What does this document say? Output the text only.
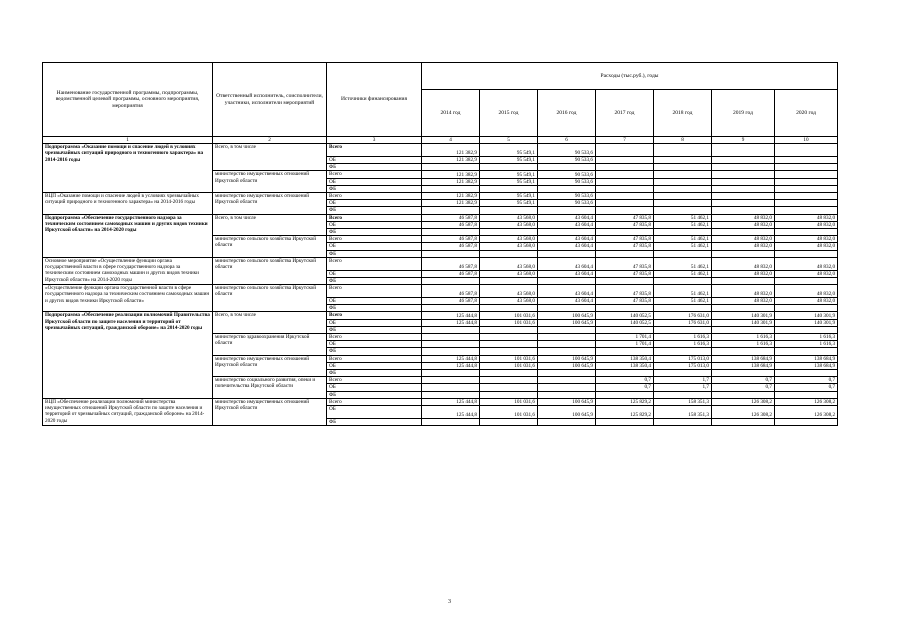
Наименование государственной программы, подпрограммы, ведомственной целевой программы, основного мероприятия, мероприятия	Ответственный исполнитель, соисполнители, участники, исполнители мероприятий	Источники финансирования	Расходы (тыс.руб.), годы						
			2014 год	2015 год	2016 год	2017 год	2018 год	2019 год	2020 год
1	2	3	4	5	6	7	8	9	10
Подпрограмма «Оказание помощи и спасение людей в условиях чрезвычайных ситуаций природного и техногенного характера» на 2014-2016 годы	Всего, в том числе	Всего	121 382,9	95 549,1	90 533,6				
		ОБ	121 382,9	95 549,1	90 533,6				
		ФБ							
	министерство имущественных отношений Иркутской области	Всего	121 382,9	95 549,1	90 533,6				
		ОБ	121 382,9	95 549,1	90 533,6				
		ФБ							
ВЦП «Оказание помощи и спасение людей в условиях чрезвычайных ситуаций природного и техногенного характера» на 2014-2016 годы	министерство имущественных отношений Иркутской области	Всего	121 382,9	95 549,1	90 533,6				
		ОБ	121 382,9	95 549,1	90 533,6				
		ФБ							
Подпрограмма «Обеспечение государственного надзора за техническим состоянием самоходных машин и других видов техники Иркутской области» на 2014-2020 годы	Всего, в том числе	Всего	46 587,8	43 568,0	43 604,4	47 835,8	51 462,1	48 832,0	48 832,0
		ОБ	46 587,8	43 568,0	43 604,4	47 835,8	51 462,1	48 832,0	48 832,0
		ФБ							
	министерство сельского хозяйства Иркутской области	Всего	46 587,8	43 568,0	43 604,4	47 835,8	51 462,1	48 832,0	48 832,0
		ОБ	46 587,8	43 568,0	43 604,4	47 835,8	51 462,1	48 832,0	48 832,0
		ФБ							
Основное мероприятие «Осуществление функции органа государственной власти в сфере государственного надзора за техническим состоянием самоходных машин и других видов техники Иркутской области» на 2014-2020 годы	министерство сельского хозяйства Иркутской области	Всего	46 587,8	43 568,0	43 604,4	47 835,8	51 462,1	48 832,0	48 832,0
		ОБ	46 587,8	43 568,0	43 604,4	47 835,8	51 462,1	48 832,0	48 832,0
		ФБ							
«Осуществление функции органа государственной власти в сфере государственного надзора за техническим состоянием самоходных машин и других видов техники Иркутской области»	министерство сельского хозяйства Иркутской области	Всего	46 587,8	43 568,0	43 604,4	47 835,8	51 462,1	48 832,0	48 832,0
		ОБ	46 587,8	43 568,0	43 604,4	47 835,8	51 462,1	48 832,0	48 832,0
		ФБ							
Подпрограмма «Обеспечение реализации полномочий Правительства Иркутской области по защите населения и территорий от чрезвычайных ситуаций, гражданской обороне» на 2014-2020 годы	Всего, в том числе	Всего	125 444,8	101 031,6	100 645,9	140 052,5	176 631,0	140 301,9	140 301,9
		ОБ	125 444,8	101 031,6	100 645,9	140 052,5	176 631,0	140 301,9	140 301,9
		ФБ							
	министерство здравоохранения Иркутской области	Всего				1 701,4	1 616,3	1 616,3	1 616,3
		ОБ				1 701,4	1 616,3	1 616,3	1 616,3
		ФБ							
	министерство имущественных отношений Иркутской области	Всего	125 444,8	101 031,6	100 645,9	138 350,4	175 013,0	138 684,9	138 684,9
		ОБ	125 444,8	101 031,6	100 645,9	138 350,4	175 013,0	138 684,9	138 684,9
		ФБ							
	министерство социального развития, опеки и попечительства Иркутской области	Всего				0,7	1,7	0,7	0,7
		ОБ				0,7	1,7	0,7	0,7
		ФБ							
ВЦП «Обеспечение реализации полномочий министерства имущественных отношений Иркутской области по защите населения и территорий от чрезвычайных ситуаций, гражданской обороне» на 2014-2020 годы	министерство имущественных отношений Иркутской области	Всего	125 444,8	101 031,6	100 645,9	125 829,2	158 351,3	126 308,2	126 308,2
		ОБ	125 444,8	101 031,6	100 645,9	125 829,2	158 351,3	126 308,2	126 308,2
		ФБ							
3
